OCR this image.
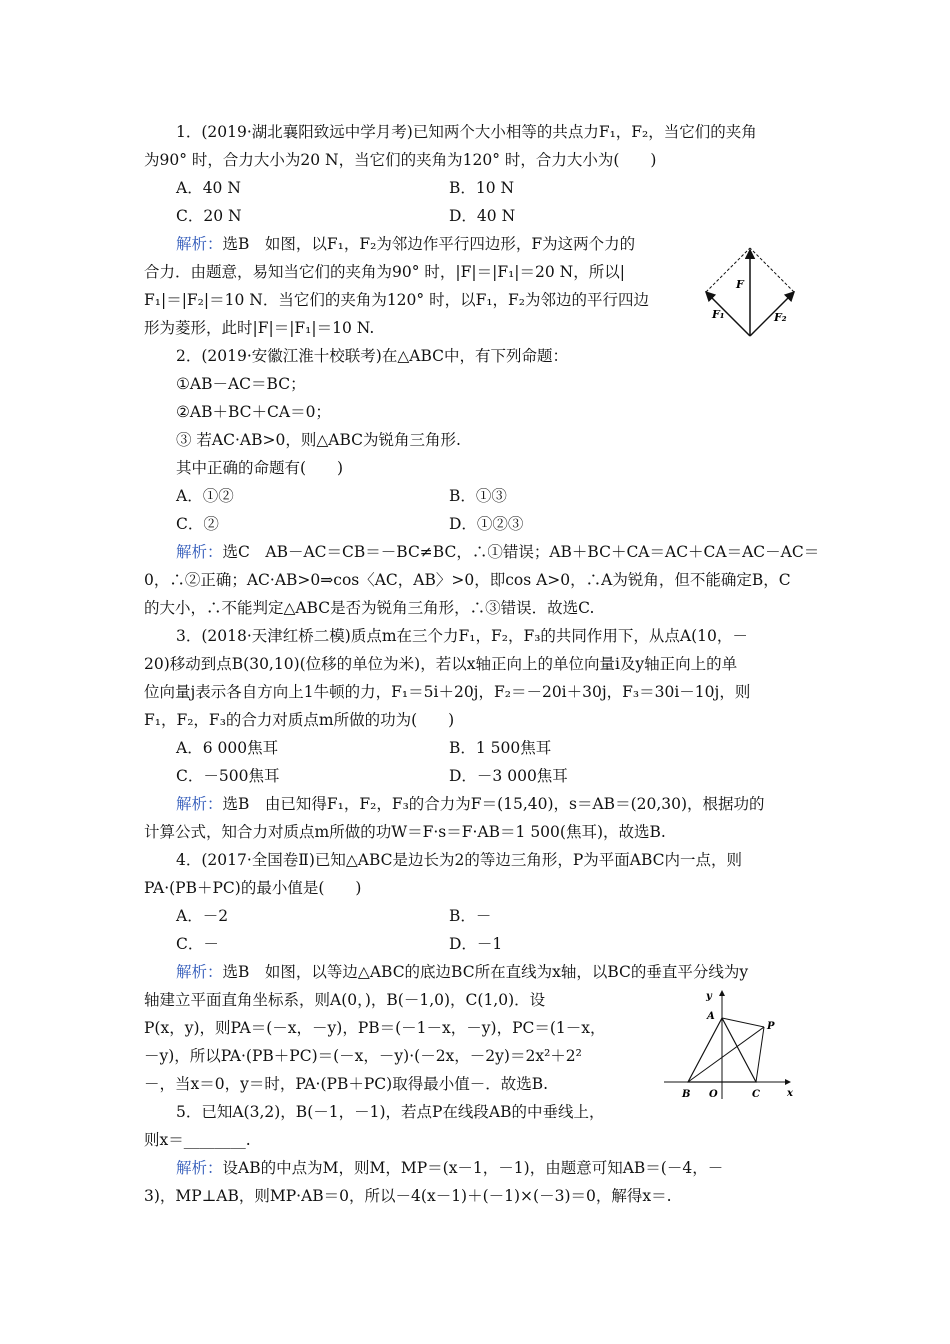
1．(2019·湖北襄阳致远中学月考)已知两个大小相等的共点力F₁，F₂，当它们的夹角
为90° 时，合力大小为20 N，当它们的夹角为120° 时，合力大小为(　　)
A．40 N	B．10 N
C．20 N	D．40 N
解析：选B　如图，以F₁，F₂为邻边作平行四边形，F为这两个力的
合力．由题意，易知当它们的夹角为90° 时，|F|＝|F₁|＝20 N，所以|
F₁|＝|F₂|＝10 N．当它们的夹角为120° 时，以F₁，F₂为邻边的平行四边
形为菱形，此时|F|＝|F₁|＝10 N.
F
F₁	F₂
2．(2019·安徽江淮十校联考)在△ABC中，有下列命题：
①AB－AC＝BC；
②AB＋BC＋CA＝0；
③ 若AC·AB>0，则△ABC为锐角三角形.
其中正确的命题有(　　)
A．①②	B．①③
C．②	D．①②③
解析：选C　AB－AC＝CB＝－BC≠BC，∴①错误；AB＋BC＋CA＝AC＋CA＝AC－AC＝
0，∴②正确；AC·AB>0⇒cos〈AC，AB〉>0，即cos A>0，∴A为锐角，但不能确定B，C
的大小，∴不能判定△ABC是否为锐角三角形，∴③错误．故选C.
3．(2018·天津红桥二模)质点m在三个力F₁，F₂，F₃的共同作用下，从点A(10，－
20)移动到点B(30,10)(位移的单位为米)，若以x轴正向上的单位向量i及y轴正向上的单
位向量j表示各自方向上1牛顿的力，F₁＝5i＋20j，F₂＝－20i＋30j，F₃＝30i－10j，则
F₁，F₂，F₃的合力对质点m所做的功为(　　)
A．6 000焦耳	B．1 500焦耳
C．－500焦耳	D．－3 000焦耳
解析：选B　由已知得F₁，F₂，F₃的合力为F＝(15,40)，s＝AB＝(20,30)，根据功的
计算公式，知合力对质点m所做的功W＝F·s＝F·AB＝1 500(焦耳)，故选B.
4．(2017·全国卷Ⅱ)已知△ABC是边长为2的等边三角形，P为平面ABC内一点，则
PA·(PB＋PC)的最小值是(　　)
A．－2	B．－
C．－	D．－1
解析：选B　如图，以等边△ABC的底边BC所在直线为x轴，以BC的垂直平分线为y
轴建立平面直角坐标系，则A(0，)，B(－1,0)，C(1,0)．设
P(x，y)，则PA＝(－x，－y)，PB＝(－1－x，－y)，PC＝(1－x，
－y)，所以PA·(PB＋PC)＝(－x，－y)·(－2x，－2y)＝2x²＋2²
－，当x＝0，y＝时，PA·(PB＋PC)取得最小值－．故选B.
y
A
P
B O	C	x
5．已知A(3,2)，B(－1，－1)，若点P在线段AB的中垂线上，
则x＝________.
解析：设AB的中点为M，则M，MP＝(x－1，－1)，由题意可知AB＝(－4，－
3)，MP⊥AB，则MP·AB＝0，所以－4(x－1)＋(－1)×(－3)＝0，解得x＝.
